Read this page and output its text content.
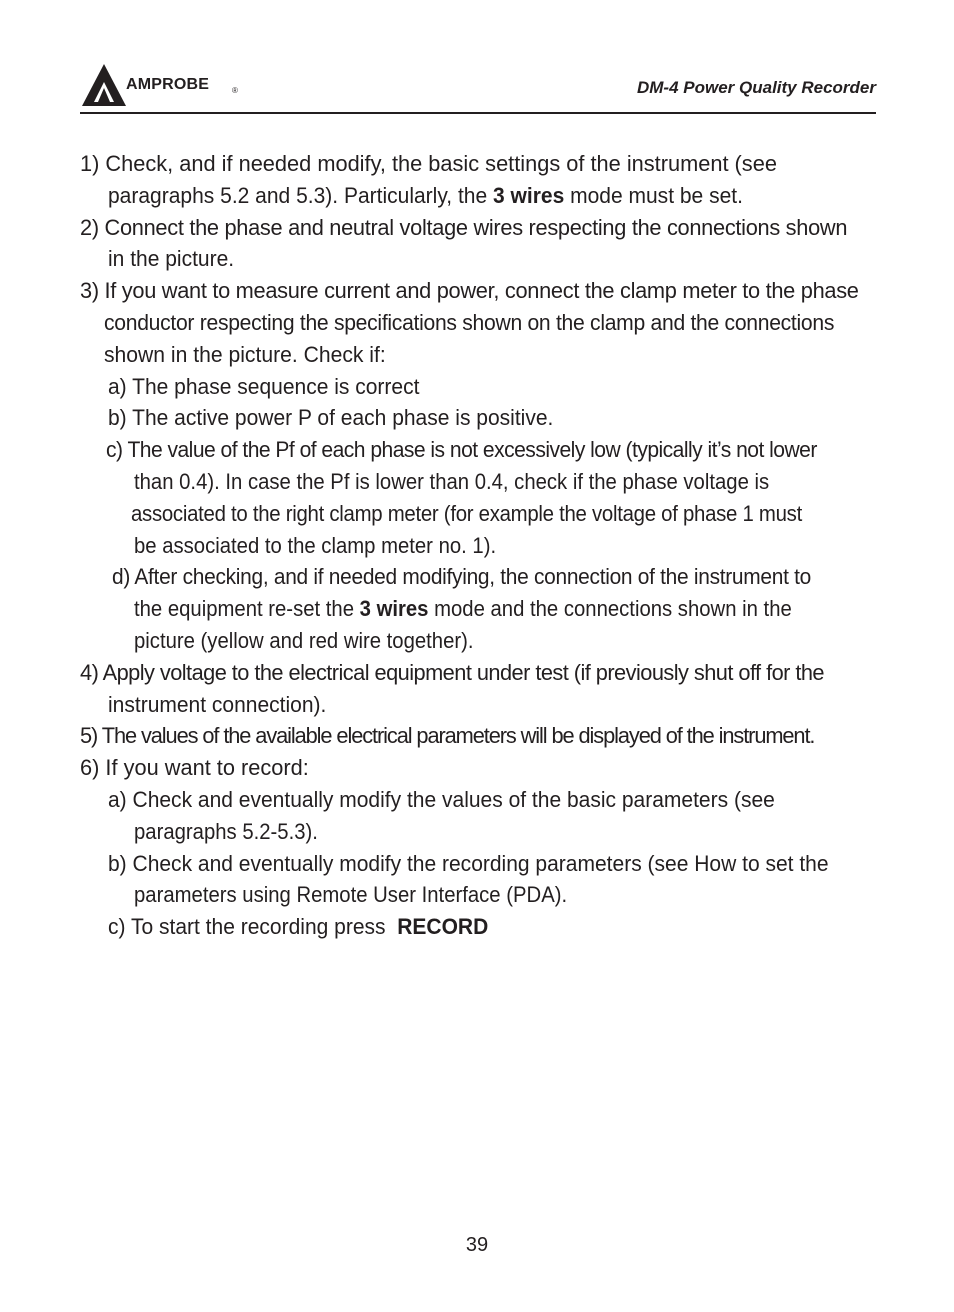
AMPROBE	®	DM-4 Power Quality Recorder
1) Check, and if needed modify, the basic settings of the instrument (see
paragraphs 5.2 and 5.3). Particularly, the 3 wires mode must be set.
2) Connect the phase and neutral voltage wires respecting the connections shown
in the picture.
3) If you want to measure current and power, connect the clamp meter to the phase
conductor respecting the specifications shown on the clamp and the connections
shown in the picture. Check if:
a) The phase sequence is correct
b) The active power P of each phase is positive.
c) The value of the Pf of each phase is not excessively low (typically it’s not lower
than 0.4). In case the Pf is lower than 0.4, check if the phase voltage is
associated to the right clamp meter (for example the voltage of phase 1 must
be associated to the clamp meter no. 1).
d) After checking, and if needed modifying, the connection of the instrument to
the equipment re-set the 3 wires mode and the connections shown in the
picture (yellow and red wire together).
4) Apply voltage to the electrical equipment under test (if previously shut off for the
instrument connection).
5) The values of the available electrical parameters will be displayed of the instrument.
6) If you want to record:
a) Check and eventually modify the values of the basic parameters (see
paragraphs 5.2-5.3).
b) Check and eventually modify the recording parameters (see How to set the
parameters using Remote User Interface (PDA).
c) To start the recording press  RECORD
39
